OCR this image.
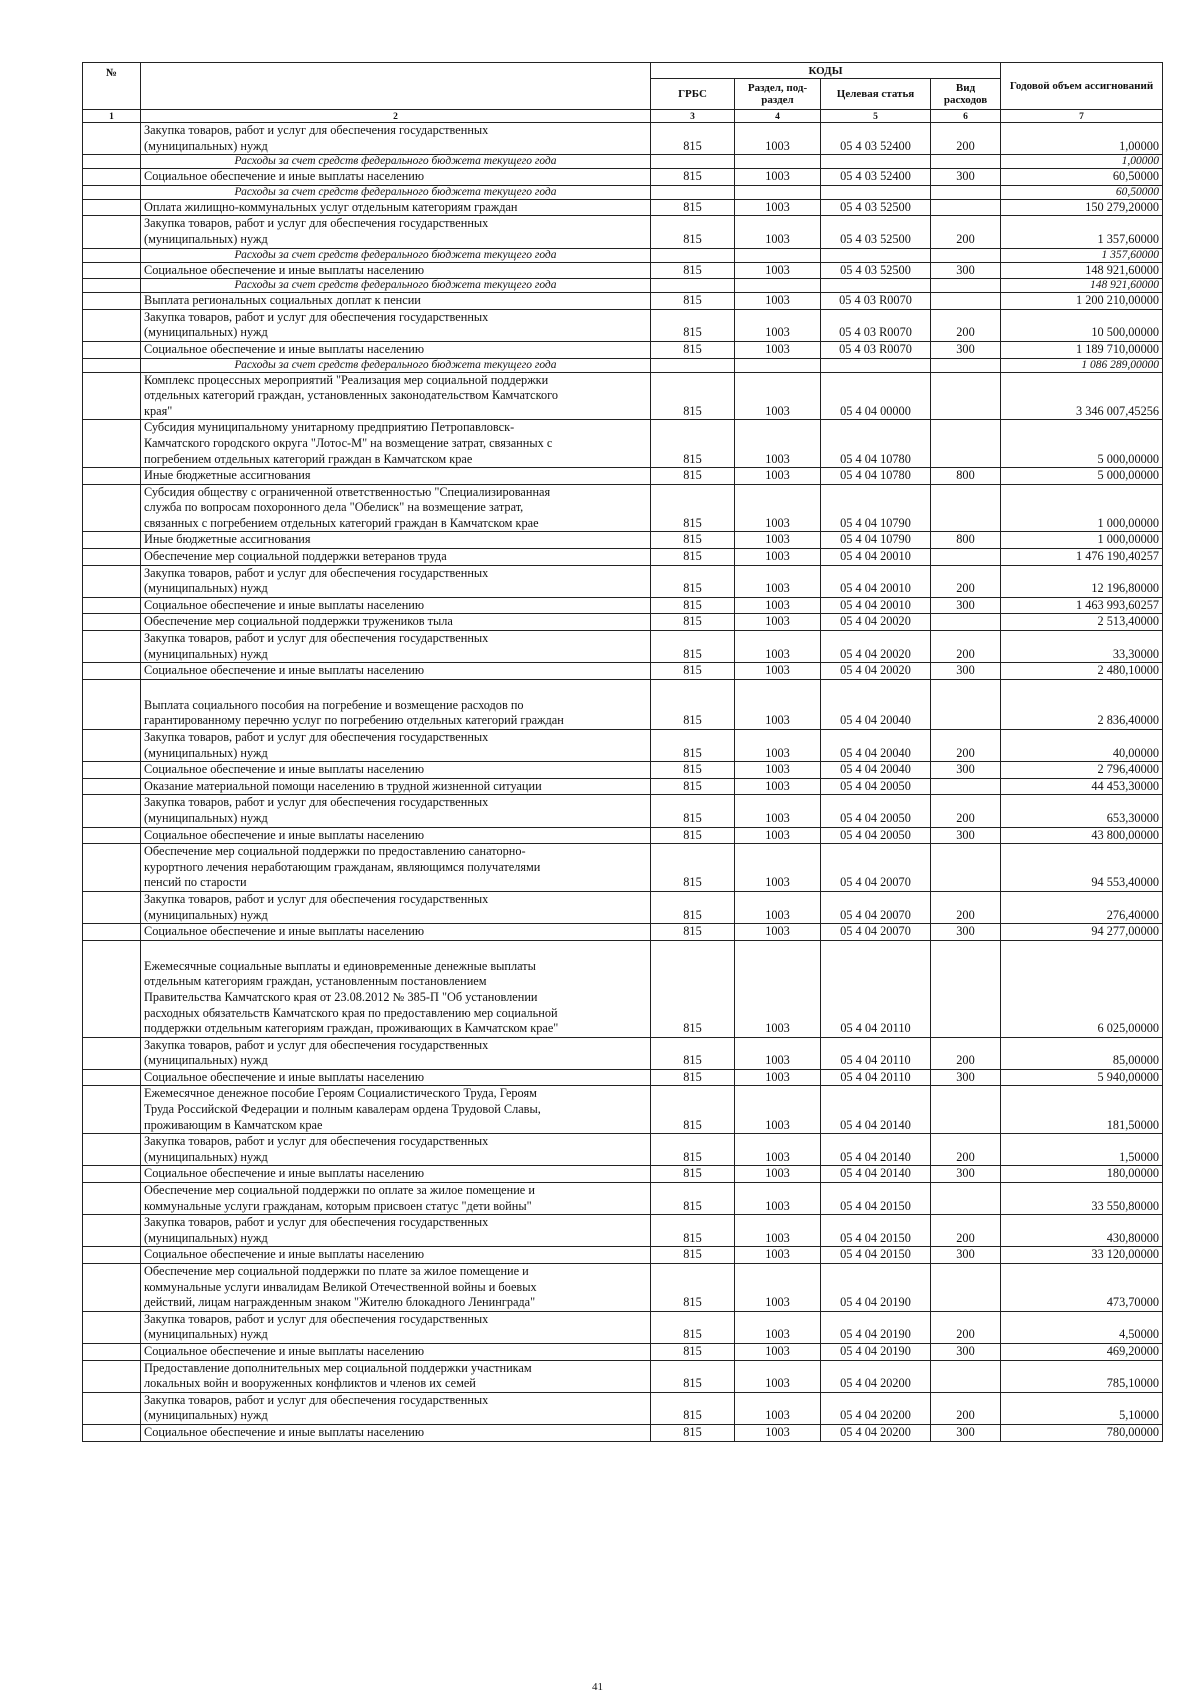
№		КОДЫ				Годовой объем ассигнований
		ГРБС	Раздел, под-раздел	Целевая статья	Вид расходов	
1	2	3	4	5	6	7
	Закупка товаров, работ и услуг для обеспечения государственных
(муниципальных) нужд	815	1003	05 4 03 52400	200	1,00000
	Расходы за счет средств федерального бюджета текущего года					1,00000
	Социальное обеспечение и иные выплаты населению	815	1003	05 4 03 52400	300	60,50000
	Расходы за счет средств федерального бюджета текущего года					60,50000
	Оплата жилищно-коммунальных услуг отдельным категориям граждан	815	1003	05 4 03 52500		150 279,20000
	Закупка товаров, работ и услуг для обеспечения государственных
(муниципальных) нужд	815	1003	05 4 03 52500	200	1 357,60000
	Расходы за счет средств федерального бюджета текущего года					1 357,60000
	Социальное обеспечение и иные выплаты населению	815	1003	05 4 03 52500	300	148 921,60000
	Расходы за счет средств федерального бюджета текущего года					148 921,60000
	Выплата региональных социальных доплат к пенсии	815	1003	05 4 03 R0070		1 200 210,00000
	Закупка товаров, работ и услуг для обеспечения государственных
(муниципальных) нужд	815	1003	05 4 03 R0070	200	10 500,00000
	Социальное обеспечение и иные выплаты населению	815	1003	05 4 03 R0070	300	1 189 710,00000
	Расходы за счет средств федерального бюджета текущего года					1 086 289,00000
	Комплекс процессных мероприятий "Реализация мер социальной поддержки
отдельных категорий граждан, установленных законодательством Камчатского
края"	815	1003	05 4 04 00000		3 346 007,45256
	Субсидия муниципальному унитарному предприятию Петропавловск-
Камчатского городского округа "Лотос-М" на возмещение затрат, связанных с
погребением отдельных категорий граждан в Камчатском крае	815	1003	05 4 04 10780		5 000,00000
	Иные бюджетные ассигнования	815	1003	05 4 04 10780	800	5 000,00000
	Субсидия обществу с ограниченной ответственностью "Специализированная
служба по вопросам похоронного дела "Обелиск" на возмещение затрат,
связанных с погребением отдельных категорий граждан в Камчатском крае	815	1003	05 4 04 10790		1 000,00000
	Иные бюджетные ассигнования	815	1003	05 4 04 10790	800	1 000,00000
	Обеспечение мер социальной поддержки ветеранов труда	815	1003	05 4 04 20010		1 476 190,40257
	Закупка товаров, работ и услуг для обеспечения государственных
(муниципальных) нужд	815	1003	05 4 04 20010	200	12 196,80000
	Социальное обеспечение и иные выплаты населению	815	1003	05 4 04 20010	300	1 463 993,60257
	Обеспечение мер социальной поддержки тружеников тыла	815	1003	05 4 04 20020		2 513,40000
	Закупка товаров, работ и услуг для обеспечения государственных
(муниципальных) нужд	815	1003	05 4 04 20020	200	33,30000
	Социальное обеспечение и иные выплаты населению	815	1003	05 4 04 20020	300	2 480,10000
	Выплата социального пособия на погребение и возмещение расходов по
гарантированному перечню услуг по погребению отдельных категорий граждан	815	1003	05 4 04 20040		2 836,40000
	Закупка товаров, работ и услуг для обеспечения государственных
(муниципальных) нужд	815	1003	05 4 04 20040	200	40,00000
	Социальное обеспечение и иные выплаты населению	815	1003	05 4 04 20040	300	2 796,40000
	Оказание материальной помощи населению в трудной жизненной ситуации	815	1003	05 4 04 20050		44 453,30000
	Закупка товаров, работ и услуг для обеспечения государственных
(муниципальных) нужд	815	1003	05 4 04 20050	200	653,30000
	Социальное обеспечение и иные выплаты населению	815	1003	05 4 04 20050	300	43 800,00000
	Обеспечение мер социальной поддержки по предоставлению санаторно-
курортного лечения неработающим гражданам, являющимся получателями
пенсий по старости	815	1003	05 4 04 20070		94 553,40000
	Закупка товаров, работ и услуг для обеспечения государственных
(муниципальных) нужд	815	1003	05 4 04 20070	200	276,40000
	Социальное обеспечение и иные выплаты населению	815	1003	05 4 04 20070	300	94 277,00000
	Ежемесячные социальные выплаты и единовременные денежные выплаты
отдельным категориям граждан, установленным постановлением
Правительства Камчатского края от 23.08.2012 № 385-П "Об установлении
расходных обязательств Камчатского края по предоставлению мер социальной
поддержки отдельным категориям граждан, проживающих в Камчатском крае"	815	1003	05 4 04 20110		6 025,00000
	Закупка товаров, работ и услуг для обеспечения государственных
(муниципальных) нужд	815	1003	05 4 04 20110	200	85,00000
	Социальное обеспечение и иные выплаты населению	815	1003	05 4 04 20110	300	5 940,00000
	Ежемесячное денежное пособие Героям Социалистического Труда, Героям
Труда Российской Федерации и полным кавалерам ордена Трудовой Славы,
проживающим в Камчатском крае	815	1003	05 4 04 20140		181,50000
	Закупка товаров, работ и услуг для обеспечения государственных
(муниципальных) нужд	815	1003	05 4 04 20140	200	1,50000
	Социальное обеспечение и иные выплаты населению	815	1003	05 4 04 20140	300	180,00000
	Обеспечение мер социальной поддержки по оплате за жилое помещение и
коммунальные услуги гражданам, которым присвоен статус "дети войны"	815	1003	05 4 04 20150		33 550,80000
	Закупка товаров, работ и услуг для обеспечения государственных
(муниципальных) нужд	815	1003	05 4 04 20150	200	430,80000
	Социальное обеспечение и иные выплаты населению	815	1003	05 4 04 20150	300	33 120,00000
	Обеспечение мер социальной поддержки по плате за жилое помещение и
коммунальные услуги инвалидам Великой Отечественной войны и боевых
действий, лицам награжденным знаком "Жителю блокадного Ленинграда"	815	1003	05 4 04 20190		473,70000
	Закупка товаров, работ и услуг для обеспечения государственных
(муниципальных) нужд	815	1003	05 4 04 20190	200	4,50000
	Социальное обеспечение и иные выплаты населению	815	1003	05 4 04 20190	300	469,20000
	Предоставление дополнительных мер социальной поддержки участникам
локальных войн и вооруженных конфликтов и членов их семей	815	1003	05 4 04 20200		785,10000
	Закупка товаров, работ и услуг для обеспечения государственных
(муниципальных) нужд	815	1003	05 4 04 20200	200	5,10000
	Социальное обеспечение и иные выплаты населению	815	1003	05 4 04 20200	300	780,00000
41
